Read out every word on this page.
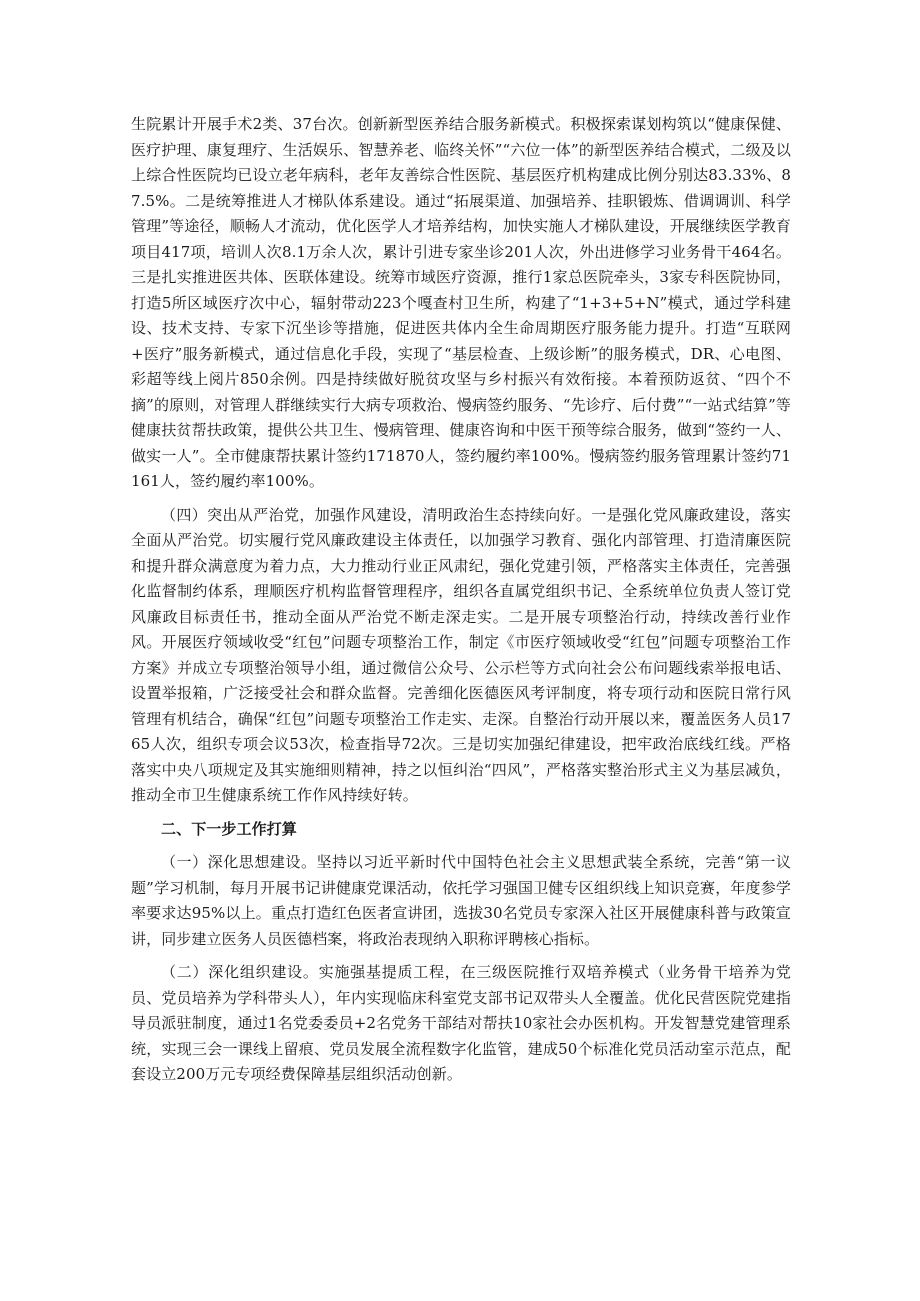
生院累计开展手术2类、37台次。创新新型医养结合服务新模式。积极探索谋划构筑以“健康保健、医疗护理、康复理疗、生活娱乐、智慧养老、临终关怀”“六位一体”的新型医养结合模式，二级及以上综合性医院均已设立老年病科，老年友善综合性医院、基层医疗机构建成比例分别达83.33%、87.5%。二是统筹推进人才梯队体系建设。通过“拓展渠道、加强培养、挂职锻炼、借调调训、科学管理”等途径，顺畅人才流动，优化医学人才培养结构，加快实施人才梯队建设，开展继续医学教育项目417项，培训人次8.1万余人次，累计引进专家坐诊201人次，外出进修学习业务骨干464名。三是扎实推进医共体、医联体建设。统筹市域医疗资源，推行1家总医院牵头，3家专科医院协同，打造5所区域医疗次中心，辐射带动223个嘎查村卫生所，构建了“1+3+5+N”模式，通过学科建设、技术支持、专家下沉坐诊等措施，促进医共体内全生命周期医疗服务能力提升。打造“互联网+医疗”服务新模式，通过信息化手段，实现了“基层检查、上级诊断”的服务模式，DR、心电图、彩超等线上阅片850余例。四是持续做好脱贫攻坚与乡村振兴有效衔接。本着预防返贫、“四个不摘”的原则，对管理人群继续实行大病专项救治、慢病签约服务、“先诊疗、后付费”“一站式结算”等健康扶贫帮扶政策，提供公共卫生、慢病管理、健康咨询和中医干预等综合服务，做到“签约一人、做实一人”。全市健康帮扶累计签约171870人，签约履约率100%。慢病签约服务管理累计签约71161人，签约履约率100%。

（四）突出从严治党，加强作风建设，清明政治生态持续向好。一是强化党风廉政建设，落实全面从严治党。切实履行党风廉政建设主体责任，以加强学习教育、强化内部管理、打造清廉医院和提升群众满意度为着力点，大力推动行业正风肃纪，强化党建引领，严格落实主体责任，完善强化监督制约体系，理顺医疗机构监督管理程序，组织各直属党组织书记、全系统单位负责人签订党风廉政目标责任书，推动全面从严治党不断走深走实。二是开展专项整治行动，持续改善行业作风。开展医疗领域收受“红包”问题专项整治工作，制定《市医疗领域收受“红包”问题专项整治工作方案》并成立专项整治领导小组，通过微信公众号、公示栏等方式向社会公布问题线索举报电话、设置举报箱，广泛接受社会和群众监督。完善细化医德医风考评制度，将专项行动和医院日常行风管理有机结合，确保“红包”问题专项整治工作走实、走深。自整治行动开展以来，覆盖医务人员1765人次，组织专项会议53次，检查指导72次。三是切实加强纪律建设，把牢政治底线红线。严格落实中央八项规定及其实施细则精神，持之以恒纠治“四风”，严格落实整治形式主义为基层减负，推动全市卫生健康系统工作作风持续好转。

二、下一步工作打算

（一）深化思想建设。坚持以习近平新时代中国特色社会主义思想武装全系统，完善“第一议题”学习机制，每月开展书记讲健康党课活动，依托学习强国卫健专区组织线上知识竞赛，年度参学率要求达95%以上。重点打造红色医者宣讲团，选拔30名党员专家深入社区开展健康科普与政策宣讲，同步建立医务人员医德档案，将政治表现纳入职称评聘核心指标。

（二）深化组织建设。实施强基提质工程，在三级医院推行双培养模式（业务骨干培养为党员、党员培养为学科带头人），年内实现临床科室党支部书记双带头人全覆盖。优化民营医院党建指导员派驻制度，通过1名党委委员+2名党务干部结对帮扶10家社会办医机构。开发智慧党建管理系统，实现三会一课线上留痕、党员发展全流程数字化监管，建成50个标准化党员活动室示范点，配套设立200万元专项经费保障基层组织活动创新。
